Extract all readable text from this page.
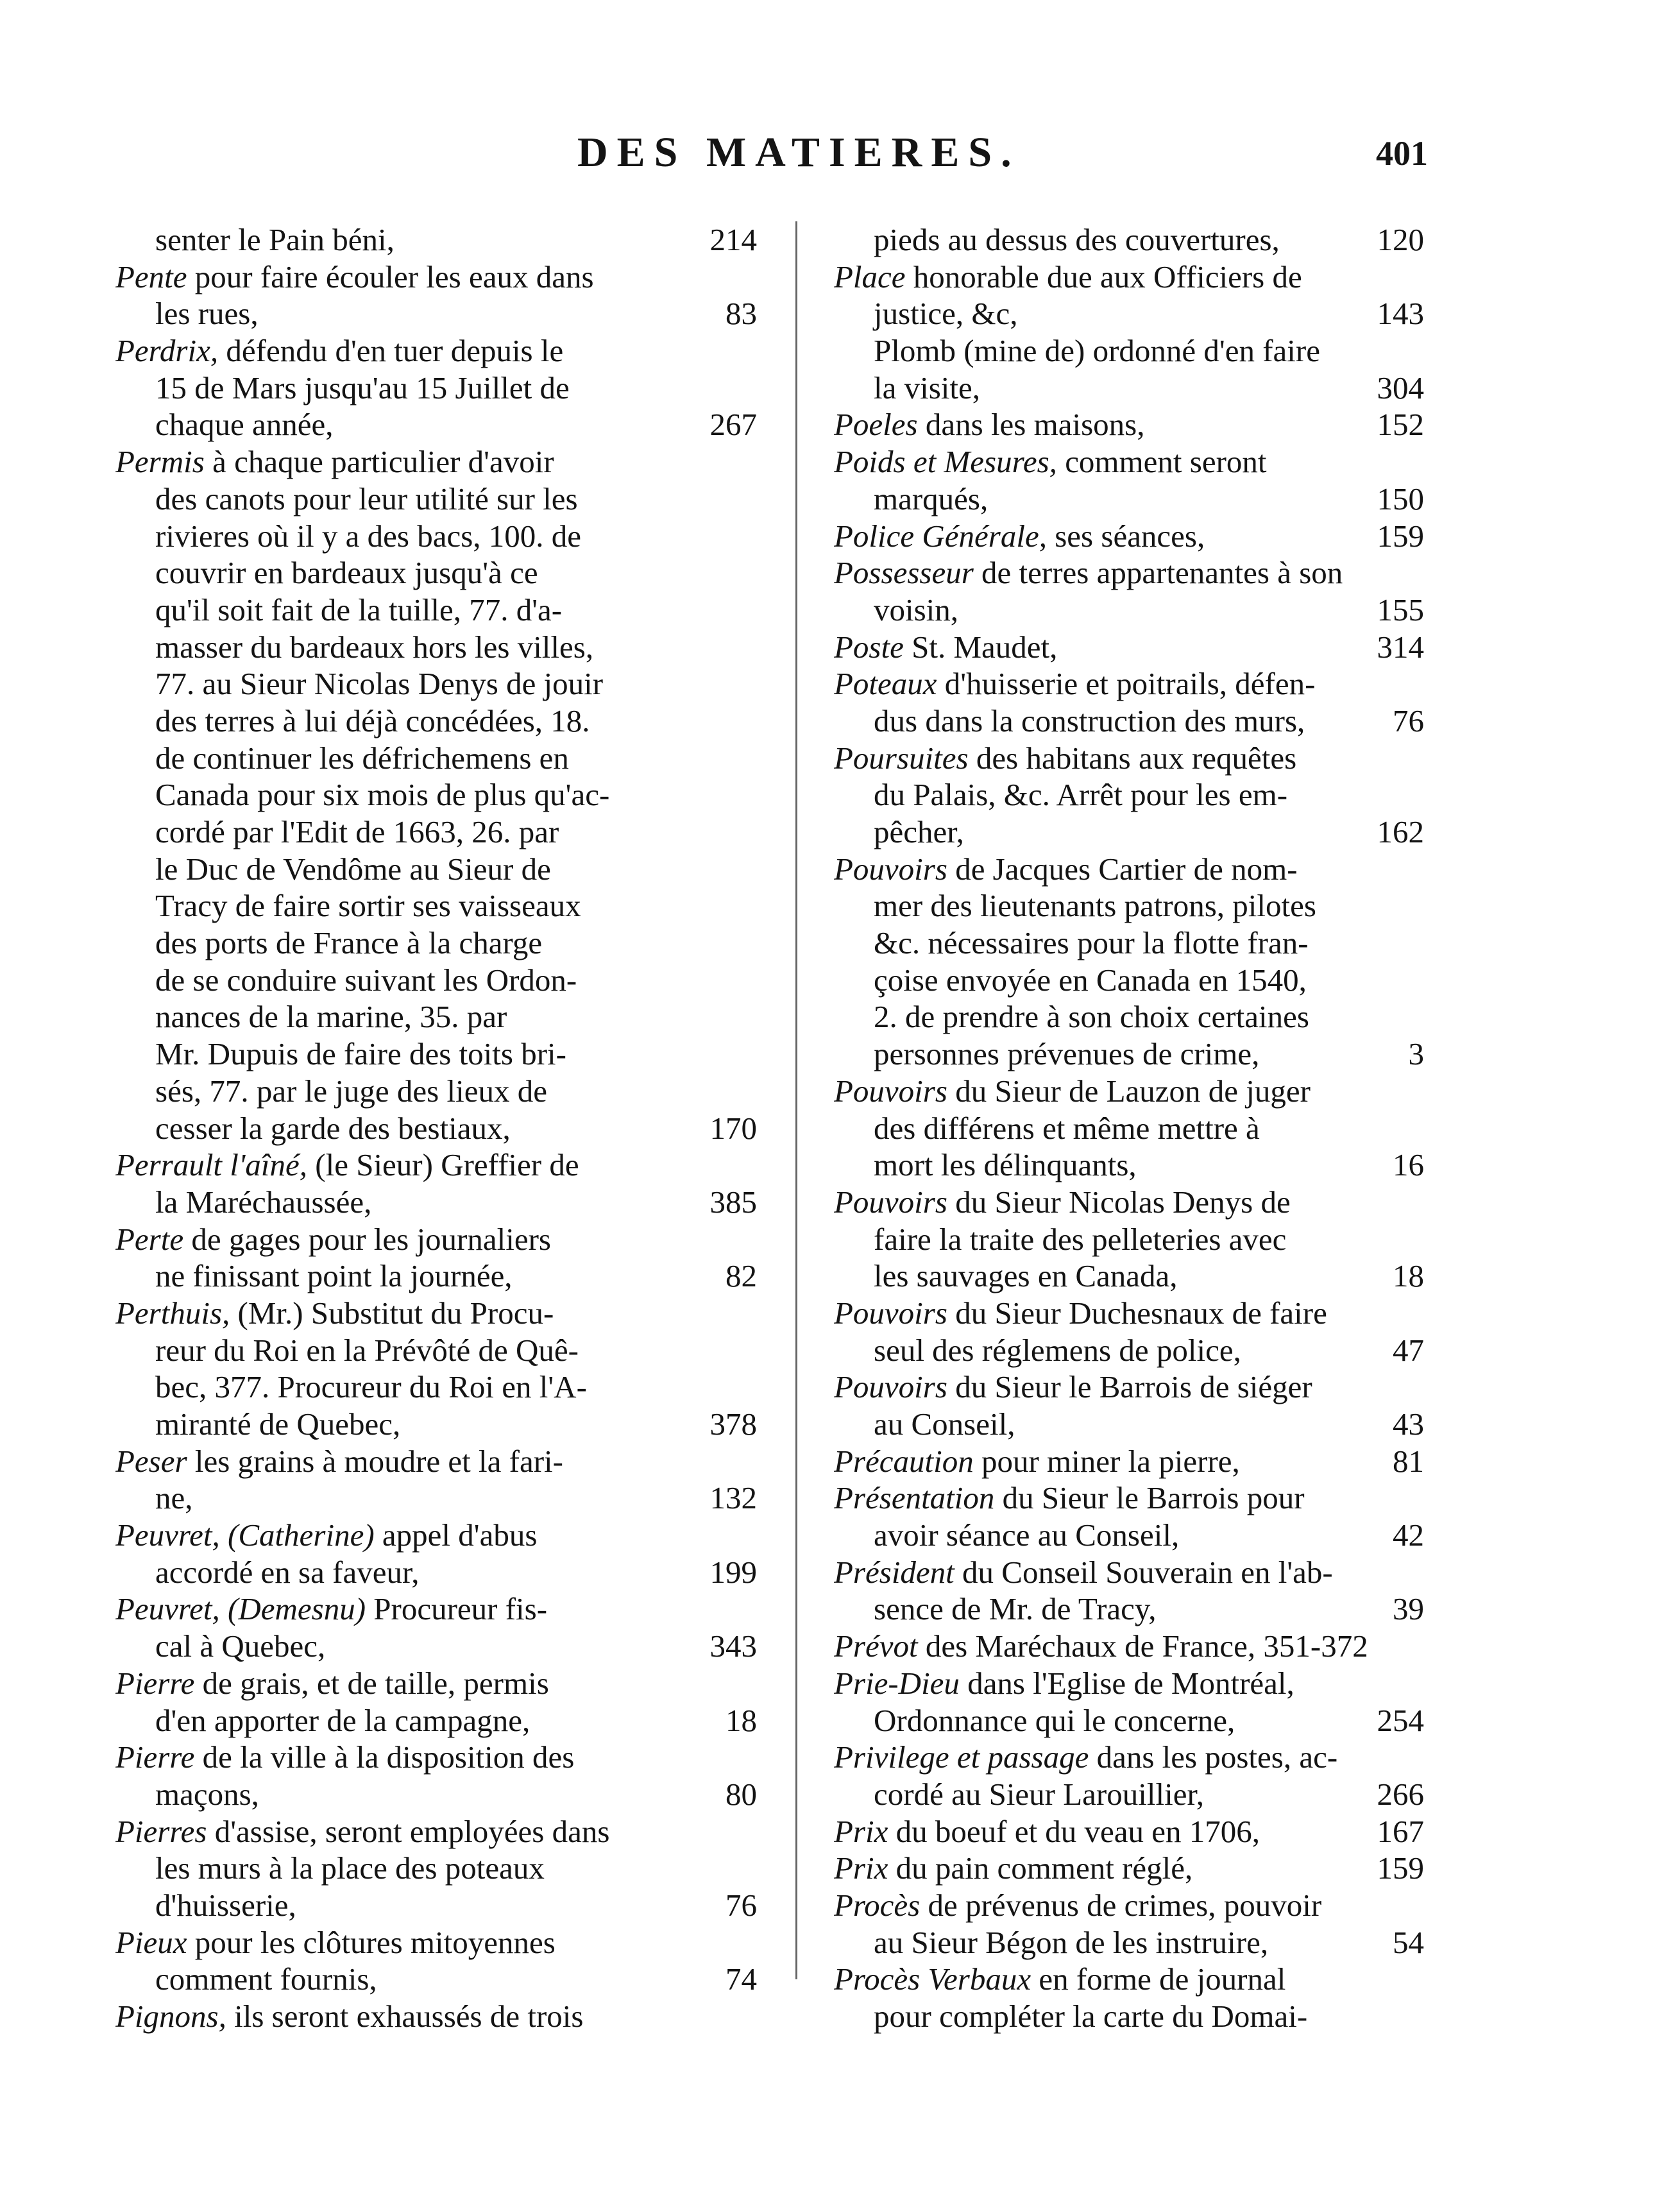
DES MATIERES.	401
senter le Pain béni,	214
Pente pour faire écouler les eaux dans
les rues,	83
Perdrix, défendu d'en tuer depuis le
15 de Mars jusqu'au 15 Juillet de
chaque année,	267
Permis à chaque particulier d'avoir
des canots pour leur utilité sur les
rivieres où il y a des bacs, 100. de
couvrir en bardeaux jusqu'à ce
qu'il soit fait de la tuille, 77. d'a-
masser du bardeaux hors les villes,
77. au Sieur Nicolas Denys de jouir
des terres à lui déjà concédées, 18.
de continuer les défrichemens en
Canada pour six mois de plus qu'ac-
cordé par l'Edit de 1663, 26. par
le Duc de Vendôme au Sieur de
Tracy de faire sortir ses vaisseaux
des ports de France à la charge
de se conduire suivant les Ordon-
nances de la marine, 35. par
Mr. Dupuis de faire des toits bri-
sés, 77. par le juge des lieux de
cesser la garde des bestiaux,	170
Perrault l'aîné, (le Sieur) Greffier de
la Maréchaussée,	385
Perte de gages pour les journaliers
ne finissant point la journée,	82
Perthuis, (Mr.) Substitut du Procu-
reur du Roi en la Prévôté de Quê-
bec, 377. Procureur du Roi en l'A-
miranté de Quebec,	378
Peser les grains à moudre et la fari-
ne,	132
Peuvret, (Catherine) appel d'abus
accordé en sa faveur,	199
Peuvret, (Demesnu) Procureur fis-
cal à Quebec,	343
Pierre de grais, et de taille, permis
d'en apporter de la campagne,	18
Pierre de la ville à la disposition des
maçons,	80
Pierres d'assise, seront employées dans
les murs à la place des poteaux
d'huisserie,	76
Pieux pour les clôtures mitoyennes
comment fournis,	74
Pignons, ils seront exhaussés de trois
pieds au dessus des couvertures,	120
Place honorable due aux Officiers de
justice, &c,	143
Plomb (mine de) ordonné d'en faire
la visite,	304
Poeles dans les maisons,	152
Poids et Mesures, comment seront
marqués,	150
Police Générale, ses séances,	159
Possesseur de terres appartenantes à son
voisin,	155
Poste St. Maudet,	314
Poteaux d'huisserie et poitrails, défen-
dus dans la construction des murs,	76
Poursuites des habitans aux requêtes
du Palais, &c. Arrêt pour les em-
pêcher,	162
Pouvoirs de Jacques Cartier de nom-
mer des lieutenants patrons, pilotes
&c. nécessaires pour la flotte fran-
çoise envoyée en Canada en 1540,
2. de prendre à son choix certaines
personnes prévenues de crime,	3
Pouvoirs du Sieur de Lauzon de juger
des différens et même mettre à
mort les délinquants,	16
Pouvoirs du Sieur Nicolas Denys de
faire la traite des pelleteries avec
les sauvages en Canada,	18
Pouvoirs du Sieur Duchesnaux de faire
seul des réglemens de police,	47
Pouvoirs du Sieur le Barrois de siéger
au Conseil,	43
Précaution pour miner la pierre,	81
Présentation du Sieur le Barrois pour
avoir séance au Conseil,	42
Président du Conseil Souverain en l'ab-
sence de Mr. de Tracy,	39
Prévot des Maréchaux de France, 351-372
Prie-Dieu dans l'Eglise de Montréal,
Ordonnance qui le concerne,	254
Privilege et passage dans les postes, ac-
cordé au Sieur Larouillier,	266
Prix du boeuf et du veau en 1706,	167
Prix du pain comment réglé,	159
Procès de prévenus de crimes, pouvoir
au Sieur Bégon de les instruire,	54
Procès Verbaux en forme de journal
pour compléter la carte du Domai-
